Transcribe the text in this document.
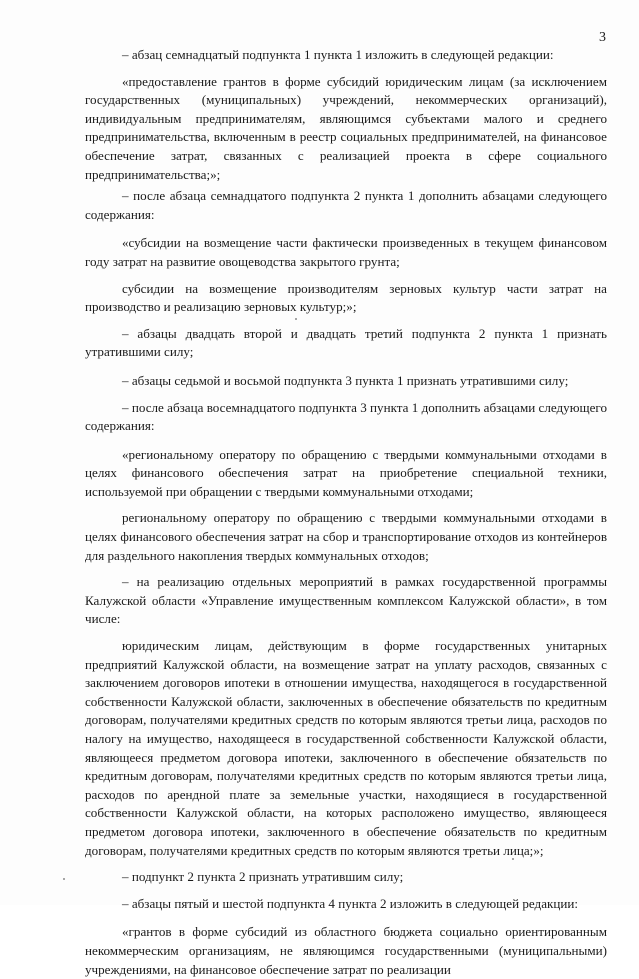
3

– абзац семнадцатый подпункта 1 пункта 1 изложить в следующей редакции:

«предоставление грантов в форме субсидий юридическим лицам (за исключением государственных (муниципальных) учреждений, некоммерческих организаций), индивидуальным предпринимателям, являющимся субъектами малого и среднего предпринимательства, включенным в реестр социальных предпринимателей, на финансовое обеспечение затрат, связанных с реализацией проекта в сфере социального предпринимательства;»;

– после абзаца семнадцатого подпункта 2 пункта 1 дополнить абзацами следующего содержания:

«субсидии на возмещение части фактически произведенных в текущем финансовом году затрат на развитие овощеводства закрытого грунта;

субсидии на возмещение производителям зерновых культур части затрат на производство и реализацию зерновых культур;»;

– абзацы двадцать второй и двадцать третий подпункта 2 пункта 1 признать утратившими силу;

– абзацы седьмой и восьмой подпункта 3 пункта 1 признать утратившими силу;

– после абзаца восемнадцатого подпункта 3 пункта 1 дополнить абзацами следующего содержания:

«региональному оператору по обращению с твердыми коммунальными отходами в целях финансового обеспечения затрат на приобретение специальной техники, используемой при обращении с твердыми коммунальными отходами;

региональному оператору по обращению с твердыми коммунальными отходами в целях финансового обеспечения затрат на сбор и транспортирование отходов из контейнеров для раздельного накопления твердых коммунальных отходов;

– на реализацию отдельных мероприятий в рамках государственной программы Калужской области «Управление имущественным комплексом Калужской области», в том числе:

юридическим лицам, действующим в форме государственных унитарных предприятий Калужской области, на возмещение затрат на уплату расходов, связанных с заключением договоров ипотеки в отношении имущества, находящегося в государственной собственности Калужской области, заключенных в обеспечение обязательств по кредитным договорам, получателями кредитных средств по которым являются третьи лица, расходов по налогу на имущество, находящееся в государственной собственности Калужской области, являющееся предметом договора ипотеки, заключенного в обеспечение обязательств по кредитным договорам, получателями кредитных средств по которым являются третьи лица, расходов по арендной плате за земельные участки, находящиеся в государственной собственности Калужской области, на которых расположено имущество, являющееся предметом договора ипотеки, заключенного в обеспечение обязательств по кредитным договорам, получателями кредитных средств по которым являются третьи лица;»;

– подпункт 2 пункта 2 признать утратившим силу;

– абзацы пятый и шестой подпункта 4 пункта 2 изложить в следующей редакции:

«грантов в форме субсидий из областного бюджета социально ориентированным некоммерческим организациям, не являющимся государственными (муниципальными) учреждениями, на финансовое обеспечение затрат по реализации
